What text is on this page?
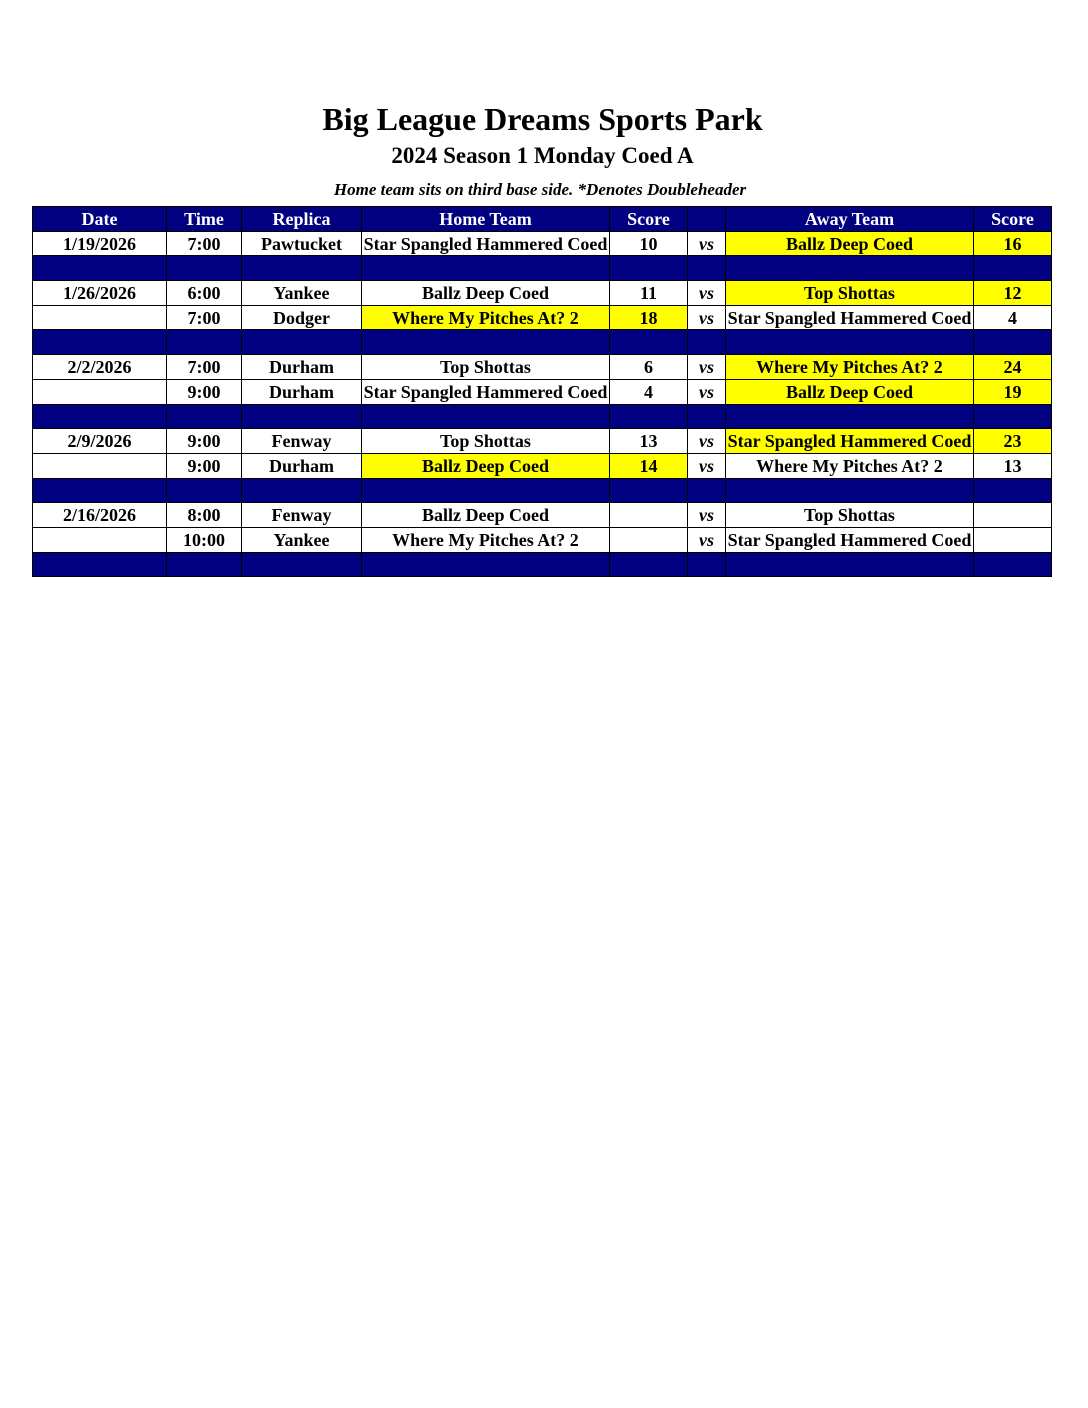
Big League Dreams Sports Park
2024 Season 1 Monday Coed A
Home team sits on third base side. *Denotes Doubleheader
Date	Time	Replica	Home Team	Score		Away Team	Score
1/19/2026	7:00	Pawtucket	Star Spangled Hammered Coed	10	vs	Ballz Deep Coed	16

1/26/2026	6:00	Yankee	Ballz Deep Coed	11	vs	Top Shottas	12
	7:00	Dodger	Where My Pitches At? 2	18	vs	Star Spangled Hammered Coed	4

2/2/2026	7:00	Durham	Top Shottas	6	vs	Where My Pitches At? 2	24
	9:00	Durham	Star Spangled Hammered Coed	4	vs	Ballz Deep Coed	19

2/9/2026	9:00	Fenway	Top Shottas	13	vs	Star Spangled Hammered Coed	23
	9:00	Durham	Ballz Deep Coed	14	vs	Where My Pitches At? 2	13

2/16/2026	8:00	Fenway	Ballz Deep Coed		vs	Top Shottas	
	10:00	Yankee	Where My Pitches At? 2		vs	Star Spangled Hammered Coed	
